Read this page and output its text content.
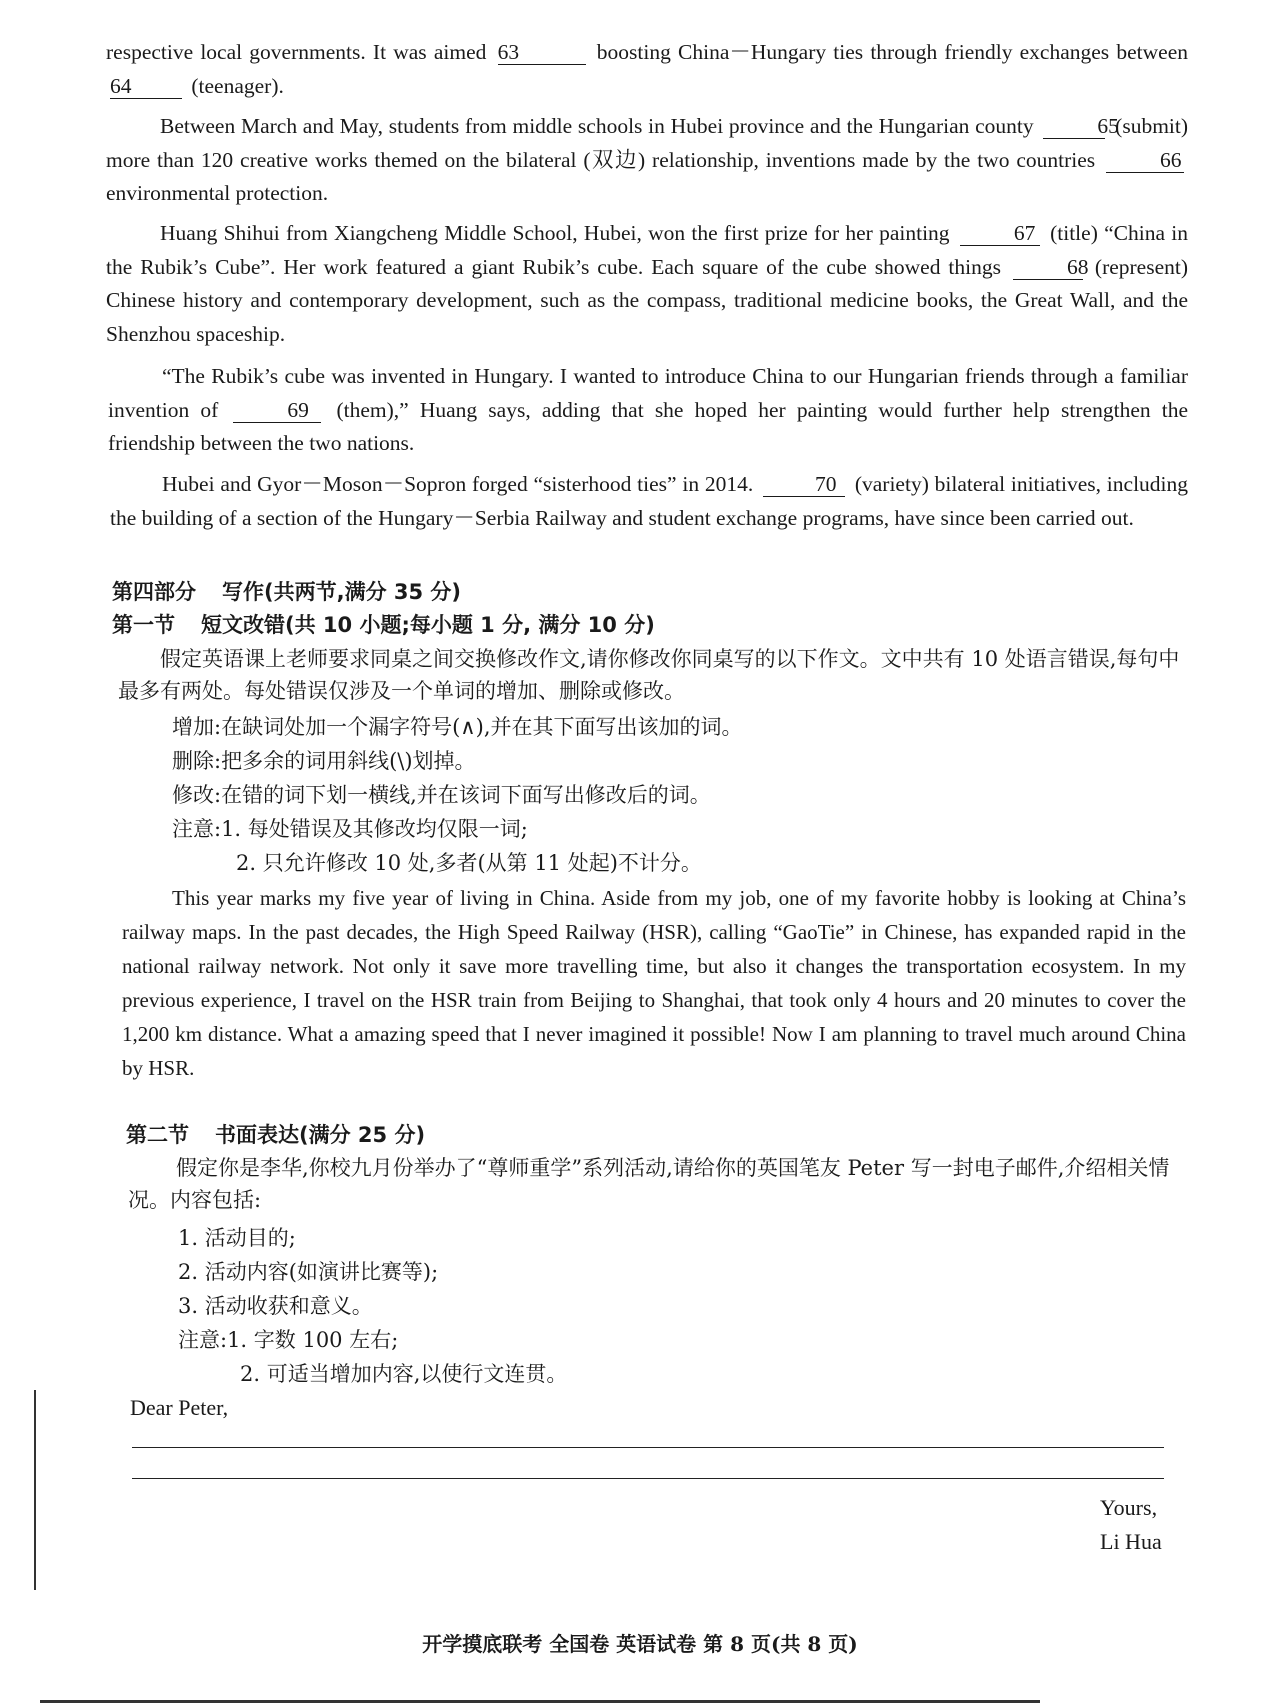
respective local governments. It was aimed 63	boosting China－Hungary ties through friendly exchanges between 64	(teenager).

Between March and May, students from middle schools in Hubei province and the Hungarian county	65 (submit) more than 120 creative works themed on the bilateral (双边) relationship, inventions made by the two countries	66 environmental protection.

Huang Shihui from Xiangcheng Middle School, Hubei, won the first prize for her painting	67 (title) “China in the Rubik’s Cube”. Her work featured a giant Rubik’s cube. Each square of the cube showed things	68 (represent) Chinese history and contemporary development, such as the compass, traditional medicine books, the Great Wall, and the Shenzhou spaceship.

“The Rubik’s cube was invented in Hungary. I wanted to introduce China to our Hungarian friends through a familiar invention of	69 (them),” Huang says, adding that she hoped her painting would further help strengthen the friendship between the two nations.

Hubei and Gyor－Moson－Sopron forged “sisterhood ties” in 2014.	70 (variety) bilateral initiatives, including the building of a section of the Hungary－Serbia Railway and student exchange programs, have since been carried out.

第四部分 写作(共两节,满分 35 分)

第一节 短文改错(共 10 小题;每小题 1 分, 满分 10 分)

假定英语课上老师要求同桌之间交换修改作文,请你修改你同桌写的以下作文。文中共有 10 处语言错误,每句中最多有两处。每处错误仅涉及一个单词的增加、删除或修改。

增加:在缺词处加一个漏字符号(∧),并在其下面写出该加的词。

删除:把多余的词用斜线(\)划掉。

修改:在错的词下划一横线,并在该词下面写出修改后的词。

注意:1. 每处错误及其修改均仅限一词;

2. 只允许修改 10 处,多者(从第 11 处起)不计分。

This year marks my five year of living in China. Aside from my job, one of my favorite hobby is looking at China’s railway maps. In the past decades, the High Speed Railway (HSR), calling “GaoTie” in Chinese, has expanded rapid in the national railway network. Not only it save more travelling time, but also it changes the transportation ecosystem. In my previous experience, I travel on the HSR train from Beijing to Shanghai, that took only 4 hours and 20 minutes to cover the 1,200 km distance. What a amazing speed that I never imagined it possible! Now I am planning to travel much around China by HSR.

第二节 书面表达(满分 25 分)

假定你是李华,你校九月份举办了“尊师重学”系列活动,请给你的英国笔友 Peter 写一封电子邮件,介绍相关情况。内容包括:

1. 活动目的;

2. 活动内容(如演讲比赛等);

3. 活动收获和意义。

注意:1. 字数 100 左右;

2. 可适当增加内容,以使行文连贯。

Dear Peter,

Yours,

Li Hua

开学摸底联考 全国卷 英语试卷 第 8 页(共 8 页)
